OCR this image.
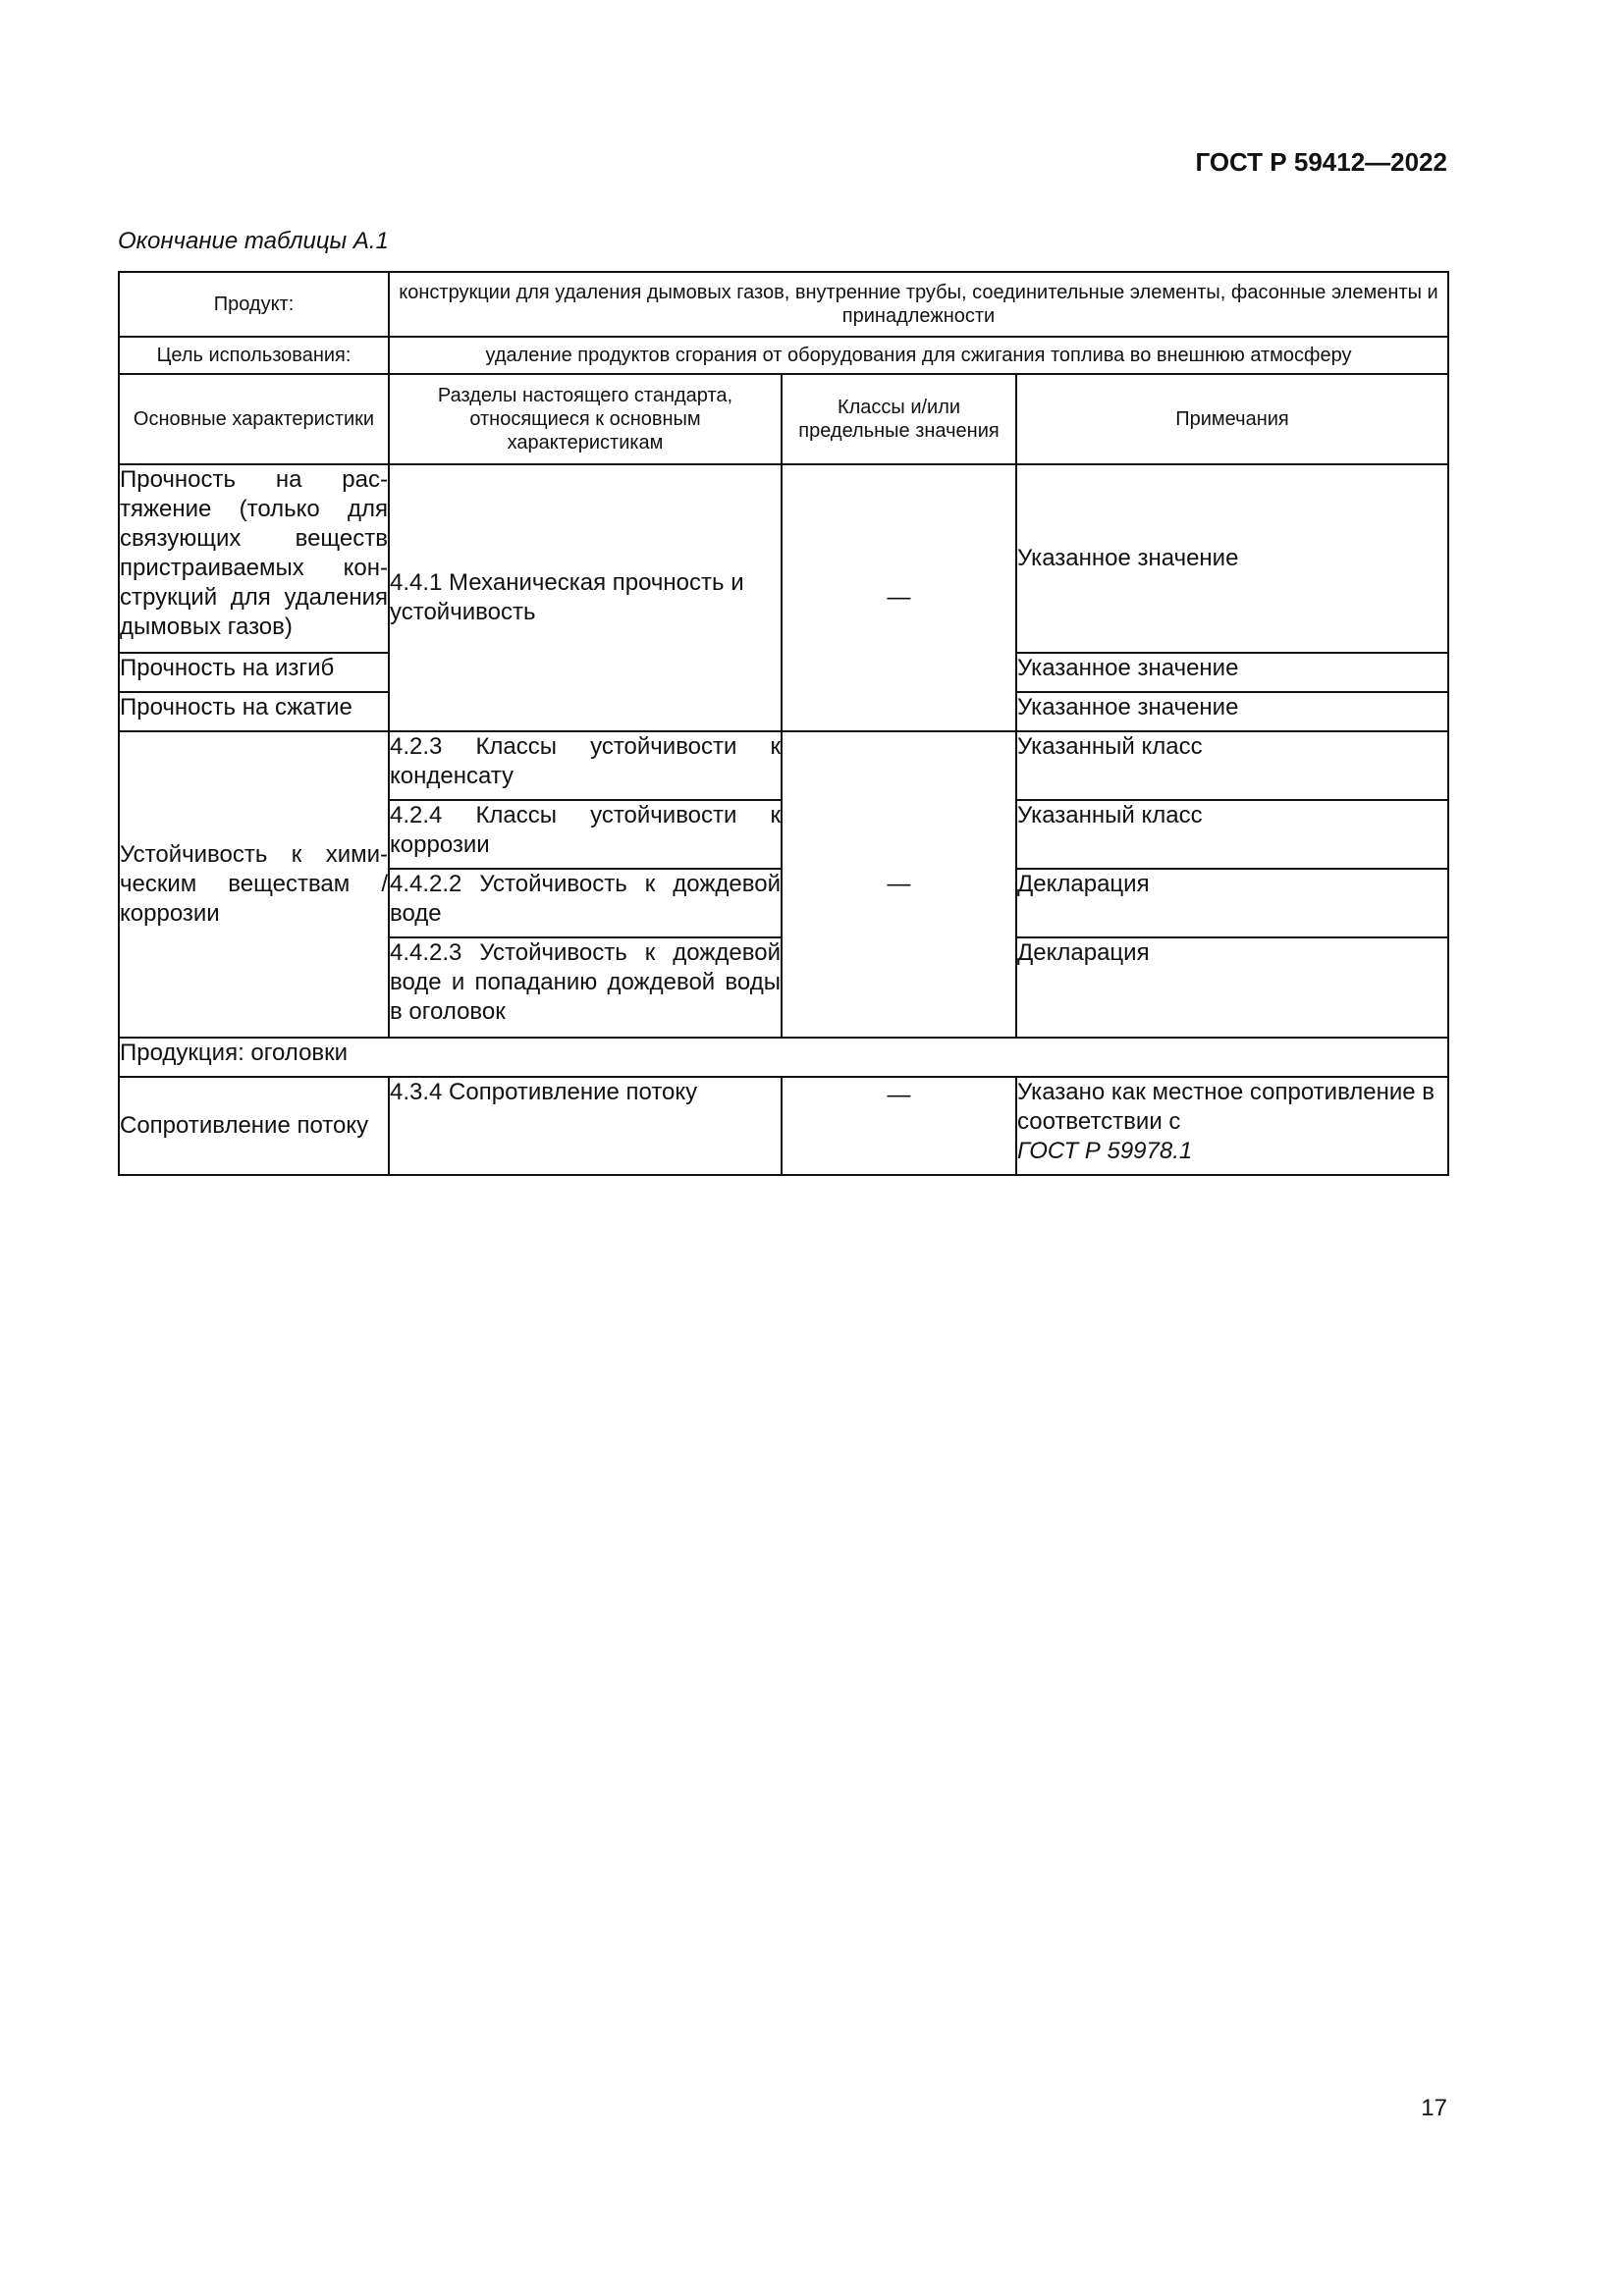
ГОСТ Р 59412—2022
Окончание таблицы А.1
Продукт:	конструкции для удаления дымовых газов, внутренние трубы, соединительные элементы, фасонные элементы и принадлежности		
Цель использования:	удаление продуктов сгорания от оборудования для сжигания топлива во внешнюю атмосферу		
Основные характеристики	Разделы настоящего стандарта, относящиеся к основным характеристикам	Классы и/или предельные значения	Примечания
Прочность на растяжение (только для связующих веществ пристраиваемых конструкций для удаления дымовых газов)	4.4.1 Механическая прочность и устойчивость	—	Указанное значение
Прочность на изгиб			Указанное значение
Прочность на сжатие			Указанное значение
Устойчивость к химическим веществам / коррозии	4.2.3 Классы устойчивости к конденсату	—	Указанный класс
	4.2.4 Классы устойчивости к коррозии		Указанный класс
	4.4.2.2 Устойчивость к дождевой воде		Декларация
	4.4.2.3 Устойчивость к дождевой воде и попаданию дождевой воды в оголовок		Декларация
Продукция: оголовки			
Сопротивление потоку	4.3.4 Сопротивление потоку	—	Указано как местное сопротивление в соответствии с
ГОСТ Р 59978.1
17
